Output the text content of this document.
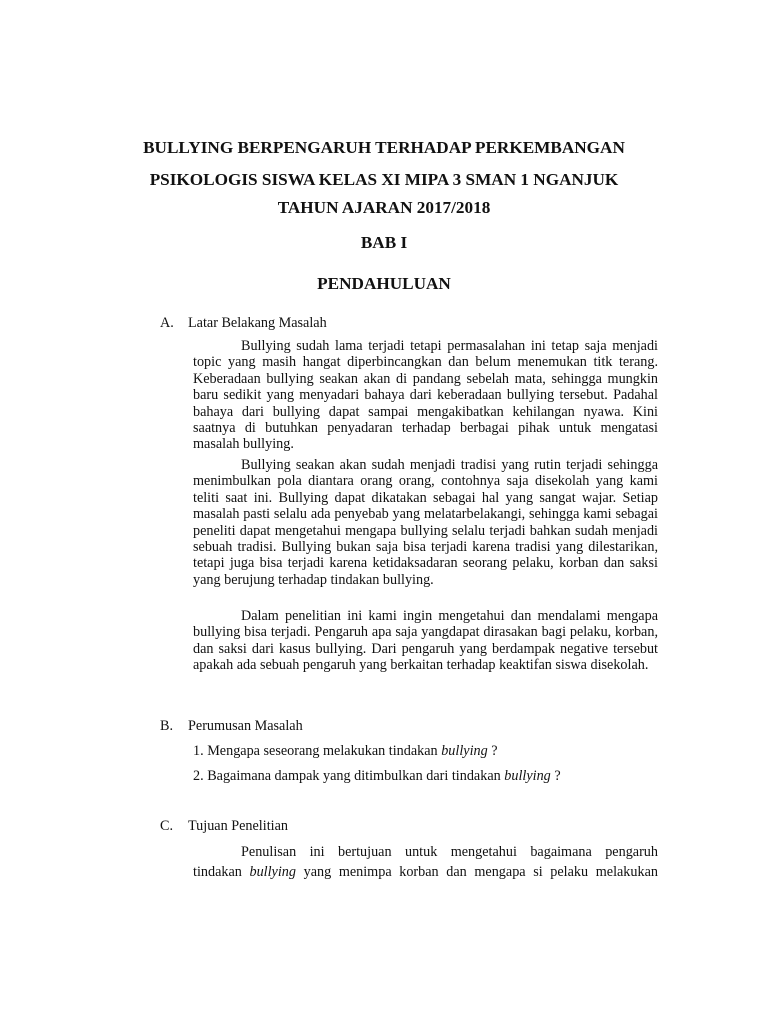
BULLYING BERPENGARUH TERHADAP PERKEMBANGAN
PSIKOLOGIS SISWA KELAS XI MIPA 3 SMAN 1 NGANJUK
TAHUN AJARAN 2017/2018
BAB I
PENDAHULUAN
A. Latar Belakang Masalah

Bullying sudah lama terjadi tetapi permasalahan ini tetap saja menjadi topic yang masih hangat diperbincangkan dan belum menemukan titk terang. Keberadaan bullying seakan akan di pandang sebelah mata, sehingga mungkin baru sedikit yang menyadari bahaya dari keberadaan bullying tersebut. Padahal bahaya dari bullying dapat sampai mengakibatkan kehilangan nyawa. Kini saatnya di butuhkan penyadaran terhadap berbagai pihak untuk mengatasi masalah bullying.

Bullying seakan akan sudah menjadi tradisi yang rutin terjadi sehingga menimbulkan pola diantara orang orang, contohnya saja disekolah yang kami teliti saat ini. Bullying dapat dikatakan sebagai hal yang sangat wajar. Setiap masalah pasti selalu ada penyebab yang melatarbelakangi, sehingga kami sebagai peneliti dapat mengetahui mengapa bullying selalu terjadi bahkan sudah menjadi sebuah tradisi. Bullying bukan saja bisa terjadi karena tradisi yang dilestarikan, tetapi juga bisa terjadi karena ketidaksadaran seorang pelaku, korban dan saksi yang berujung terhadap tindakan bullying.

Dalam penelitian ini kami ingin mengetahui dan mendalami mengapa bullying bisa terjadi. Pengaruh apa saja yangdapat dirasakan bagi pelaku, korban, dan saksi dari kasus bullying. Dari pengaruh yang berdampak negative tersebut apakah ada sebuah pengaruh yang berkaitan terhadap keaktifan siswa disekolah.

B. Perumusan Masalah
1. Mengapa seseorang melakukan tindakan bullying ?
2. Bagaimana dampak yang ditimbulkan dari tindakan bullying ?
C. Tujuan Penelitian
Penulisan ini bertujuan untuk mengetahui bagaimana pengaruh
tindakan bullying yang menimpa korban dan mengapa si pelaku melakukan
